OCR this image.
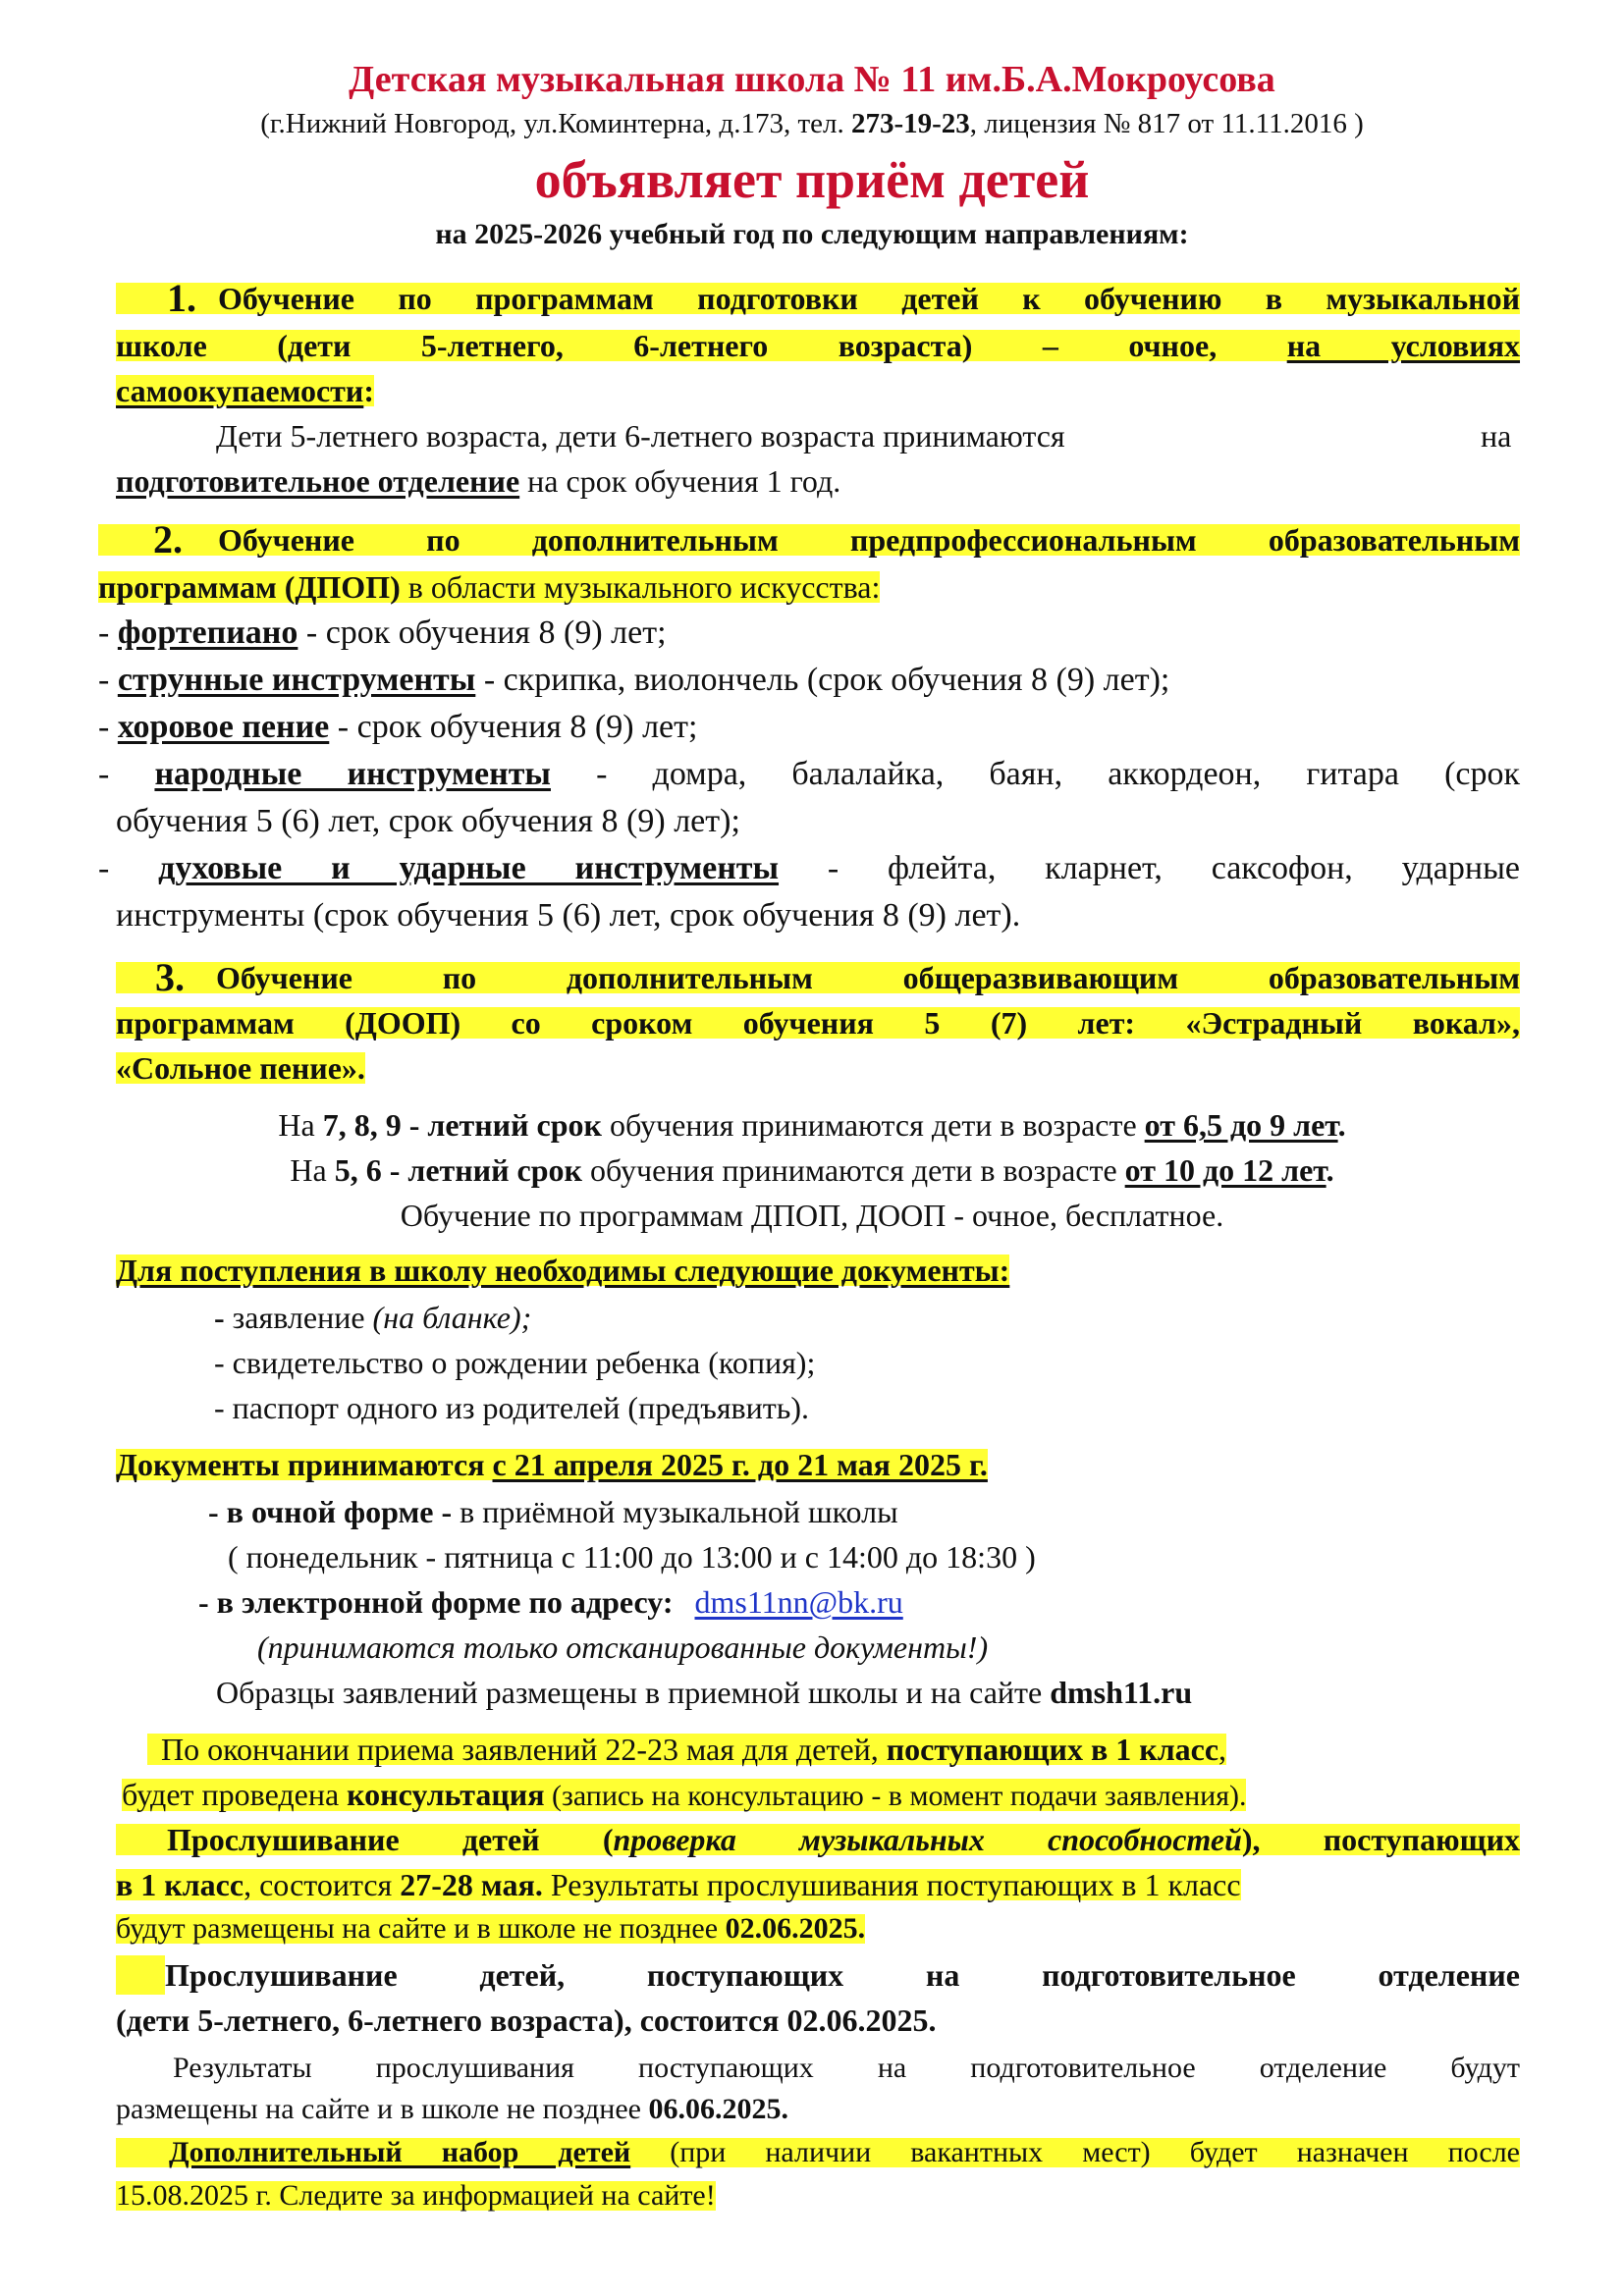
Детская музыкальная школа № 11 им.Б.А.Мокроусова
(г.Нижний Новгород, ул.Коминтерна, д.173, тел. 273-19-23, лицензия № 817 от 11.11.2016 )
объявляет приём детей
на 2025-2026 учебный год по следующим направлениям:
1. Обучение по программам подготовки детей к обучению в музыкальной
школе (дети 5-летнего, 6-летнего возраста) – очное, на условиях
самоокупаемости:
Дети 5-летнего возраста, дети 6-летнего возраста принимаются	на
подготовительное отделение на срок обучения 1 год.
2. Обучение по дополнительным предпрофессиональным образовательным
программам (ДПОП) в области музыкального искусства:
- фортепиано - срок обучения 8 (9) лет;
- струнные инструменты - скрипка, виолончель (срок обучения 8 (9) лет);
- хоровое пение - срок обучения 8 (9) лет;
- народные инструменты - домра, балалайка, баян, аккордеон, гитара (срок
обучения 5 (6) лет, срок обучения 8 (9) лет);
- духовые и ударные инструменты - флейта, кларнет, саксофон, ударные
инструменты (срок обучения 5 (6) лет, срок обучения 8 (9) лет).
3. Обучение по дополнительным общеразвивающим образовательным
программам (ДООП) со сроком обучения 5 (7) лет: «Эстрадный вокал»,
«Сольное пение».
На 7, 8, 9 - летний срок обучения принимаются дети в возрасте от 6,5 до 9 лет.
На 5, 6 - летний срок обучения принимаются дети в возрасте от 10 до 12 лет.
Обучение по программам ДПОП, ДООП - очное, бесплатное.
Для поступления в школу необходимы следующие документы:
- заявление (на бланке);
- свидетельство о рождении ребенка (копия);
- паспорт одного из родителей (предъявить).
Документы принимаются с 21 апреля 2025 г. до 21 мая 2025 г.
- в очной форме - в приёмной музыкальной школы
( понедельник - пятница с 11:00 до 13:00 и с 14:00 до 18:30 )
- в электронной форме по адресу: dms11nn@bk.ru
(принимаются только отсканированные документы!)
Образцы заявлений размещены в приемной школы и на сайте dmsh11.ru
По окончании приема заявлений 22-23 мая для детей, поступающих в 1 класс,
будет проведена консультация (запись на консультацию - в момент подачи заявления).
Прослушивание детей (проверка музыкальных способностей), поступающих
в 1 класс, состоится 27-28 мая. Результаты прослушивания поступающих в 1 класс
будут размещены на сайте и в школе не позднее 02.06.2025.
Прослушивание детей, поступающих на подготовительное отделение
(дети 5-летнего, 6-летнего возраста), состоится 02.06.2025.
Результаты прослушивания поступающих на подготовительное отделение будут
размещены на сайте и в школе не позднее 06.06.2025.
Дополнительный набор детей (при наличии вакантных мест) будет назначен после
15.08.2025 г. Следите за информацией на сайте!
